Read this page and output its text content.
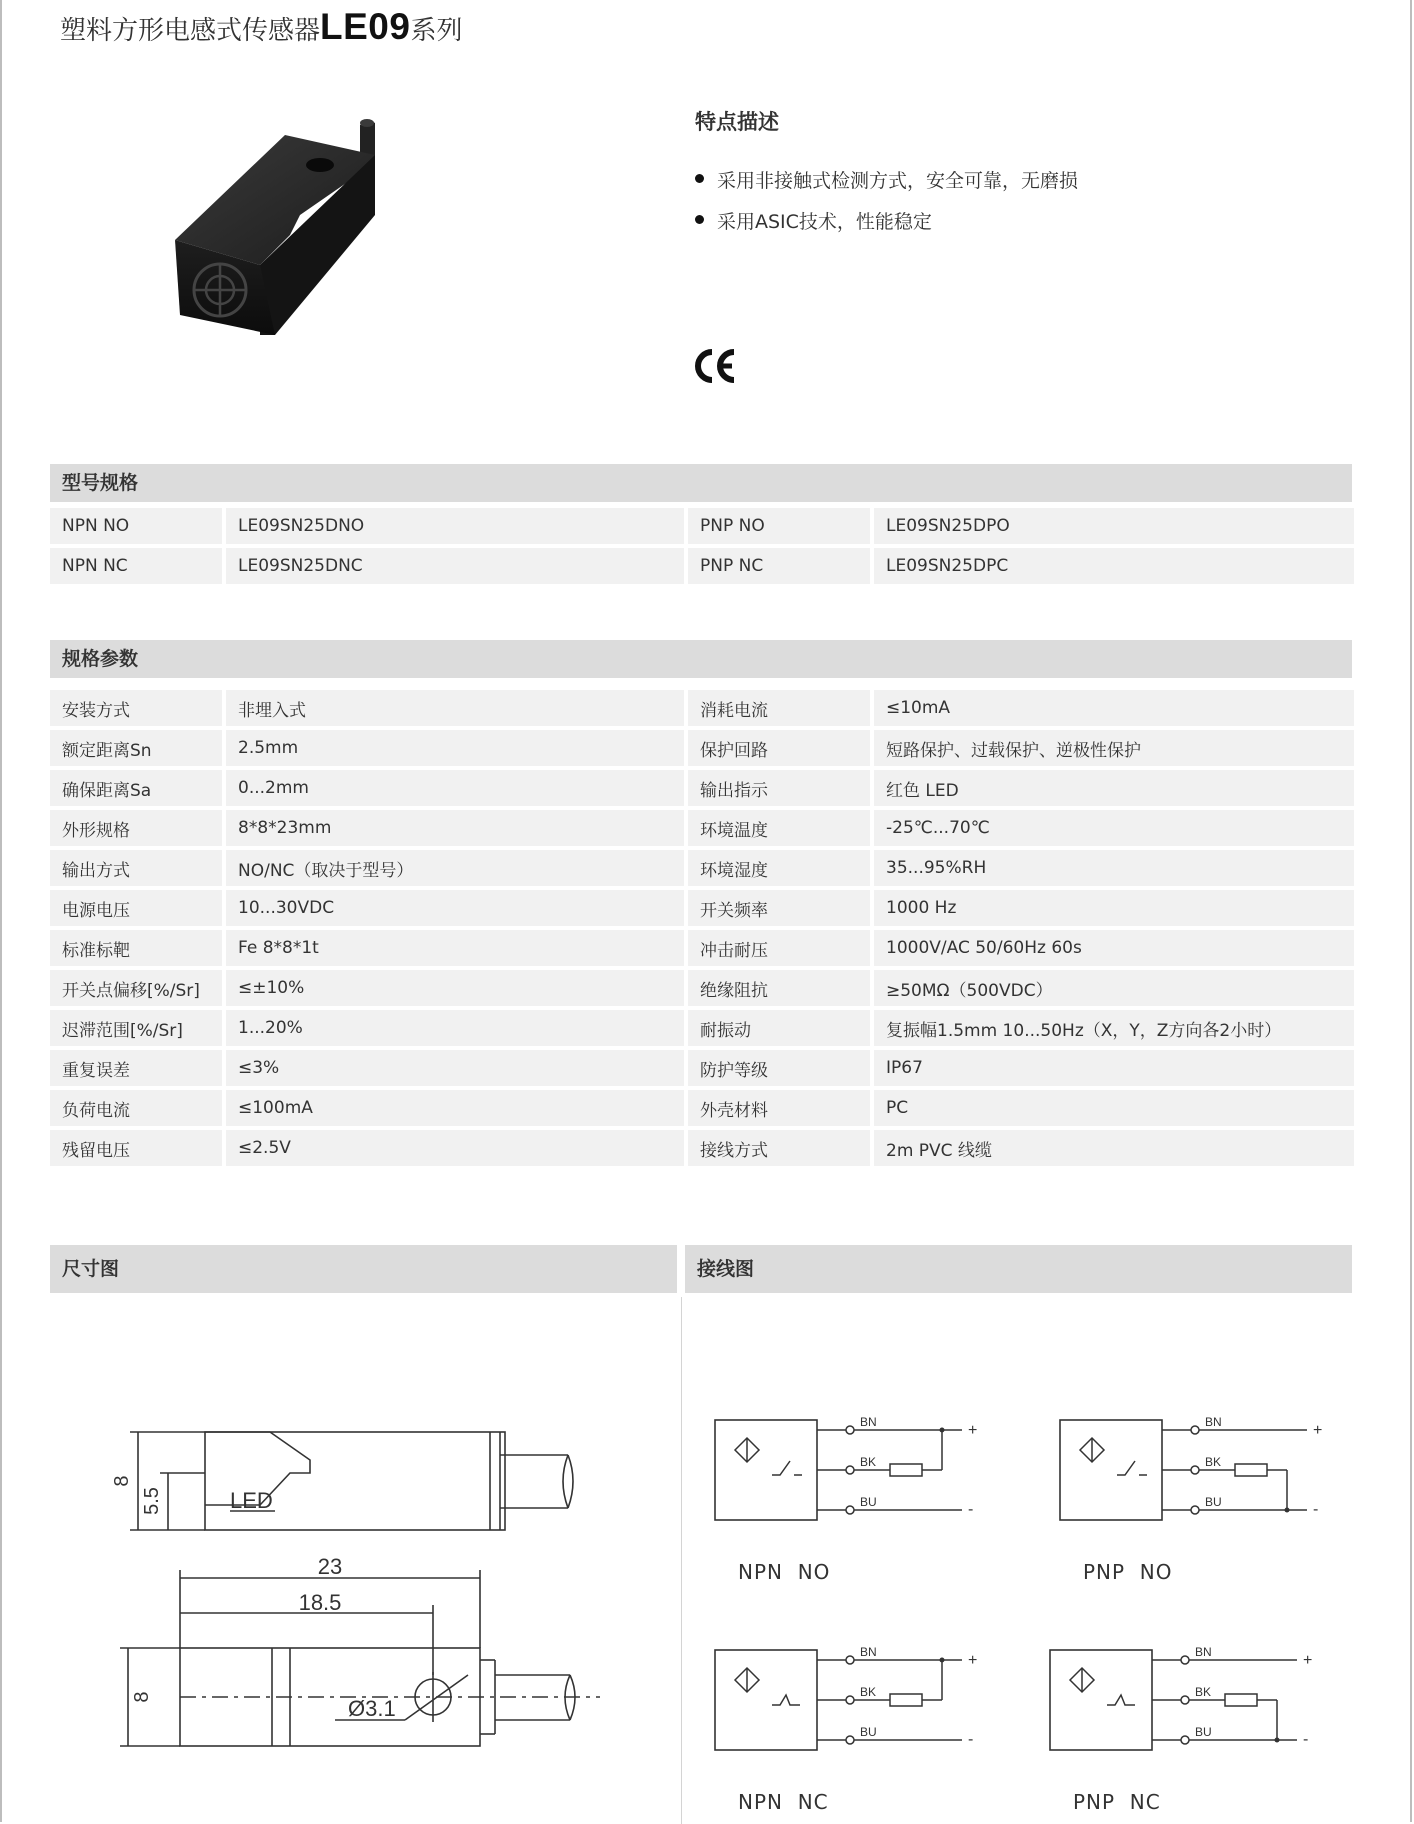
塑料方形电感式传感器LE09系列
特点描述
采用非接触式检测方式，安全可靠，无磨损
采用ASIC技术，性能稳定
型号规格
NPN NO	LE09SN25DNO	PNP NO	LE09SN25DPO
NPN NC	LE09SN25DNC	PNP NC	LE09SN25DPC
规格参数
安装方式	非埋入式	消耗电流	≤10mA
额定距离Sn	2.5mm	保护回路	短路保护、过载保护、逆极性保护
确保距离Sa	0...2mm	输出指示	红色 LED
外形规格	8*8*23mm	环境温度	-25℃...70℃
输出方式	NO/NC（取决于型号）	环境湿度	35...95%RH
电源电压	10...30VDC	开关频率	1000 Hz
标准标靶	Fe 8*8*1t	冲击耐压	1000V/AC 50/60Hz 60s
开关点偏移[%/Sr]	≤±10%	绝缘阻抗	≥50MΩ（500VDC）
迟滞范围[%/Sr]	1...20%	耐振动	复振幅1.5mm 10...50Hz（X，Y，Z方向各2小时）
重复误差	≤3%	防护等级	IP67
负荷电流	≤100mA	外壳材料	PC
残留电压	≤2.5V	接线方式	2m PVC 线缆
尺寸图	接线图
LED
8
5.5
Ø3.1
23
18.5
8
BN
BK
BU
+
-
NPN  NO
BN
BK
BU
+
-
PNP  NO
BN
BK
BU
+
-
NPN  NC
BN
BK
BU
+
-
PNP  NC
